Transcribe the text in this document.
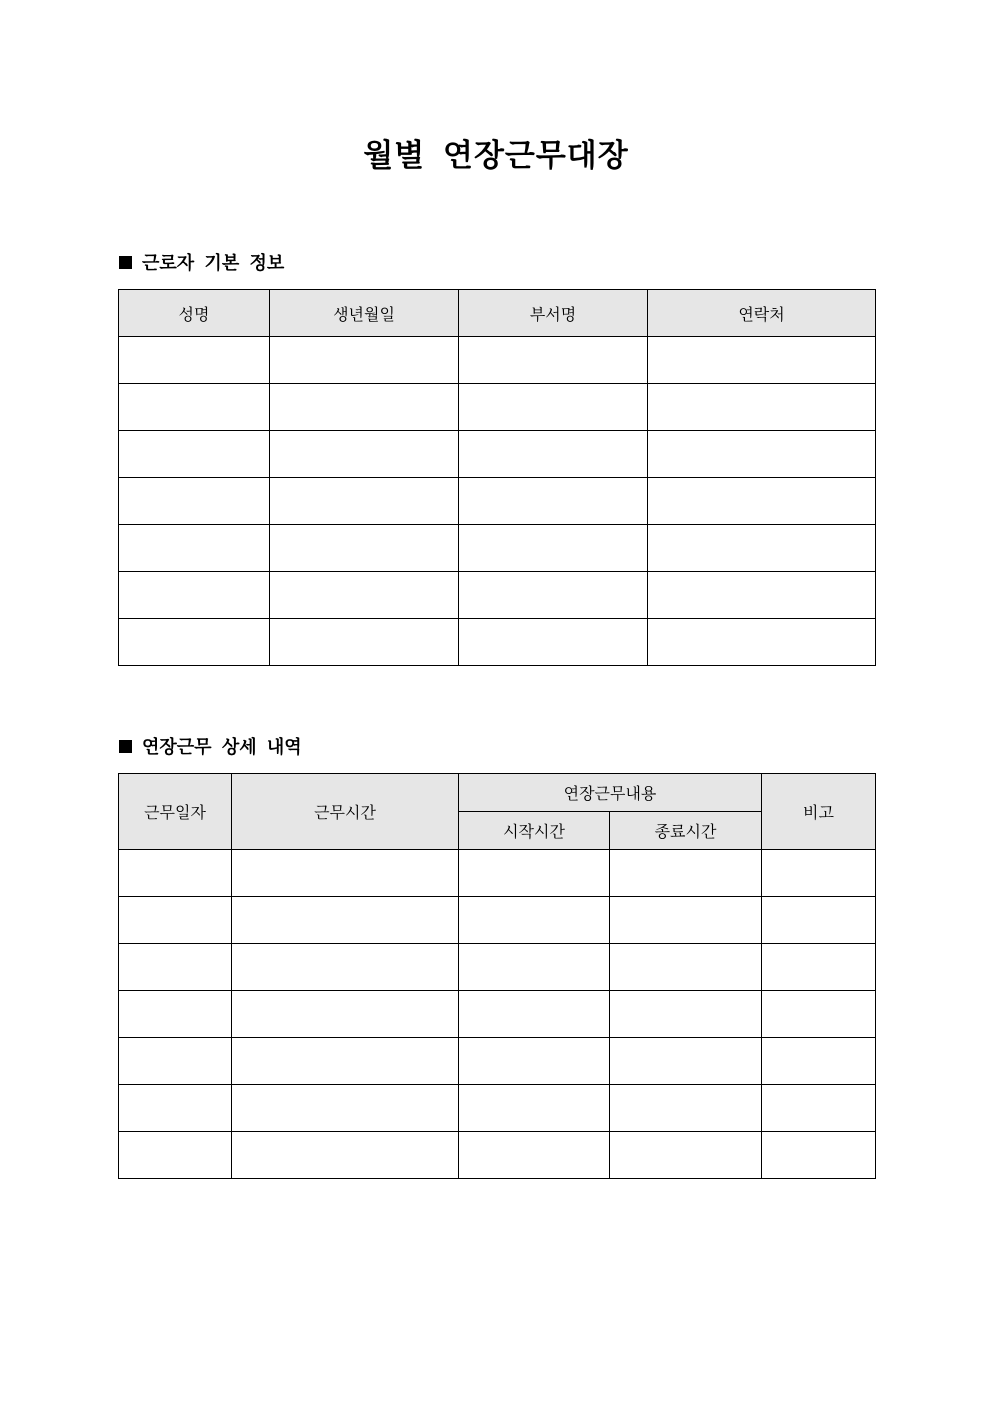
월별 연장근무대장
근로자 기본 정보
성명	생년월일	부서명	연락처

연장근무 상세 내역
근무일자	근무시간	연장근무내용		비고
		시작시간	종료시간	
